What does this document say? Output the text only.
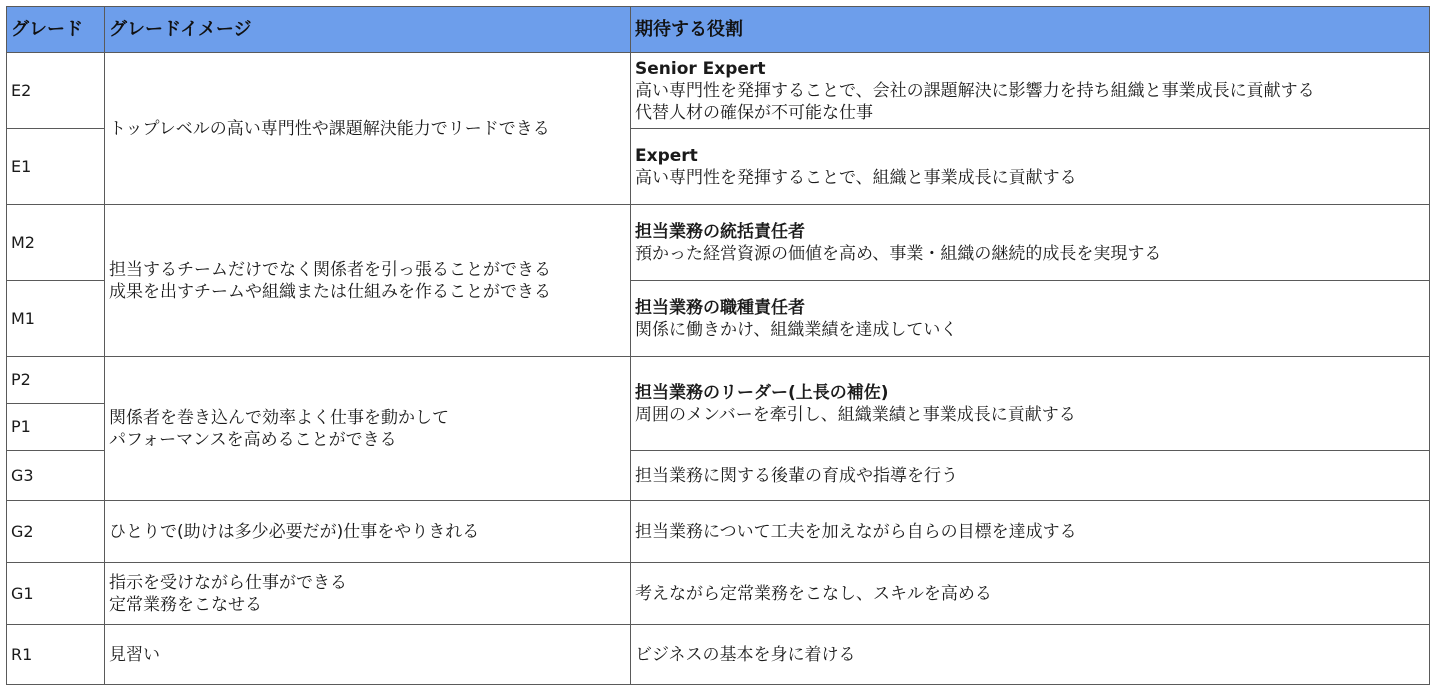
グレード	グレードイメージ	期待する役割
E2
E1
M2
M1
P2
P1
G3
G2
G1
R1
トップレベルの高い専門性や課題解決能力でリードできる
担当するチームだけでなく関係者を引っ張ることができる
成果を出すチームや組織または仕組みを作ることができる
関係者を巻き込んで効率よく仕事を動かして
パフォーマンスを高めることができる
ひとりで(助けは多少必要だが)仕事をやりきれる
指示を受けながら仕事ができる
定常業務をこなせる
見習い
Senior Expert
高い専門性を発揮することで、会社の課題解決に影響力を持ち組織と事業成長に貢献する
代替人材の確保が不可能な仕事
Expert
高い専門性を発揮することで、組織と事業成長に貢献する
担当業務の統括責任者
預かった経営資源の価値を高め、事業・組織の継続的成長を実現する
担当業務の職種責任者
関係に働きかけ、組織業績を達成していく
担当業務のリーダー(上長の補佐)
周囲のメンバーを牽引し、組織業績と事業成長に貢献する
担当業務に関する後輩の育成や指導を行う
担当業務について工夫を加えながら自らの目標を達成する
考えながら定常業務をこなし、スキルを高める
ビジネスの基本を身に着ける
